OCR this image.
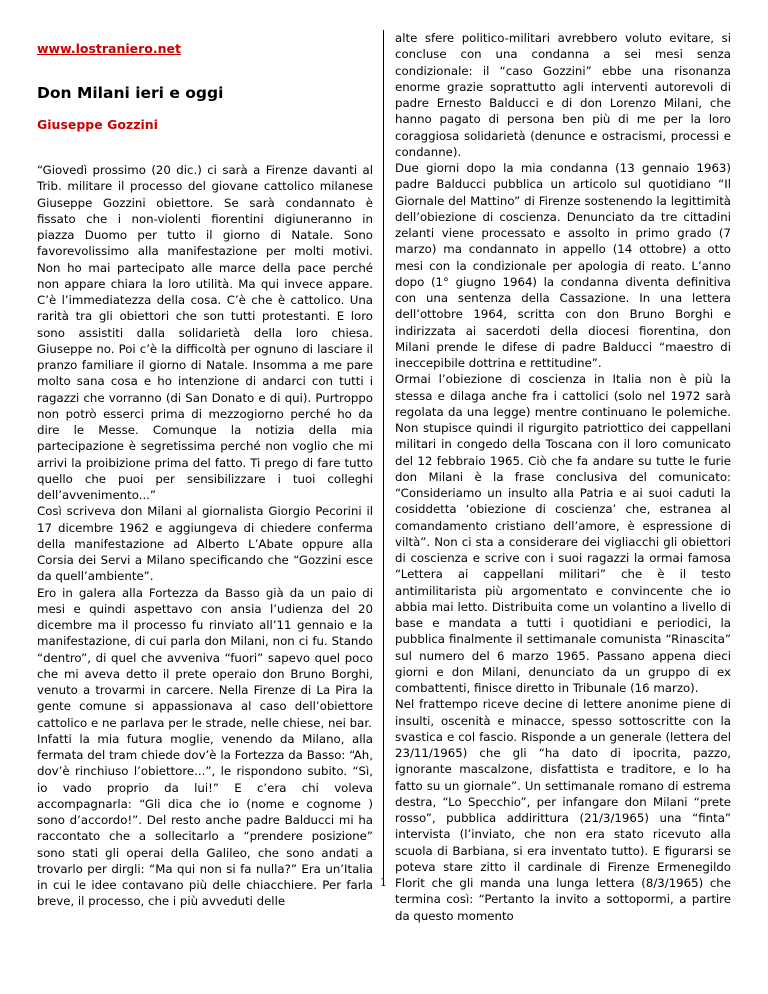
www.lostraniero.net
Don Milani ieri e oggi
Giuseppe Gozzini

“Giovedì prossimo (20 dic.) ci sarà a Firenze davanti al Trib. militare il processo del giovane cattolico milanese Giuseppe Gozzini obiettore. Se sarà condannato è fissato che i non-violenti fiorentini digiuneranno in piazza Duomo per tutto il giorno di Natale. Sono favorevolissimo alla manifestazione per molti motivi. Non ho mai partecipato alle marce della pace perché non appare chiara la loro utilità. Ma qui invece appare. C’è l’immediatezza della cosa. C’è che è cattolico. Una rarità tra gli obiettori che son tutti protestanti. E loro sono assistiti dalla solidarietà della loro chiesa. Giuseppe no. Poi c’è la difficoltà per ognuno di lasciare il pranzo familiare il giorno di Natale. Insomma a me pare molto sana cosa e ho intenzione di andarci con tutti i ragazzi che vorranno (di San Donato e di qui). Purtroppo non potrò esserci prima di mezzogiorno perché ho da dire le Messe. Comunque la notizia della mia partecipazione è segretissima perché non voglio che mi arrivi la proibizione prima del fatto. Ti prego di fare tutto quello che puoi per sensibilizzare i tuoi colleghi dell’avvenimento...”

Così scriveva don Milani al giornalista Giorgio Pecorini il 17 dicembre 1962 e aggiungeva di chiedere conferma della manifestazione ad Alberto L’Abate oppure alla Corsia dei Servi a Milano specificando che “Gozzini esce da quell’ambiente”.

Ero in galera alla Fortezza da Basso già da un paio di mesi e quindi aspettavo con ansia l’udienza del 20 dicembre ma il processo fu rinviato all’11 gennaio e la manifestazione, di cui parla don Milani, non ci fu. Stando “dentro”, di quel che avveniva “fuori” sapevo quel poco che mi aveva detto il prete operaio don Bruno Borghi, venuto a trovarmi in carcere. Nella Firenze di La Pira la gente comune si appassionava al caso dell’obiettore cattolico e ne parlava per le strade, nelle chiese, nei bar.

Infatti la mia futura moglie, venendo da Milano, alla fermata del tram chiede dov’è la Fortezza da Basso: “Ah, dov’è rinchiuso l’obiettore...”, le rispondono subito. “Sì, io vado proprio da lui!” E c’era chi voleva accompagnarla: “Gli dica che io (nome e cognome ) sono d’accordo!”. Del resto anche padre Balducci mi ha raccontato che a sollecitarlo a “prendere posizione” sono stati gli operai della Galileo, che sono andati a trovarlo per dirgli: “Ma qui non si fa nulla?” Era un’Italia in cui le idee contavano più delle chiacchiere. Per farla breve, il processo, che i più avveduti delle

alte sfere politico-militari avrebbero voluto evitare, si concluse con una condanna a sei mesi senza condizionale: il “caso Gozzini” ebbe una risonanza enorme grazie soprattutto agli interventi autorevoli di padre Ernesto Balducci e di don Lorenzo Milani, che hanno pagato di persona ben più di me per la loro coraggiosa solidarietà (denunce e ostracismi, processi e condanne).

Due giorni dopo la mia condanna (13 gennaio 1963) padre Balducci pubblica un articolo sul quotidiano “Il Giornale del Mattino” di Firenze sostenendo la legittimità dell’obiezione di coscienza. Denunciato da tre cittadini zelanti viene processato e assolto in primo grado (7 marzo) ma condannato in appello (14 ottobre) a otto mesi con la condizionale per apologia di reato. L’anno dopo (1° giugno 1964) la condanna diventa definitiva con una sentenza della Cassazione. In una lettera dell’ottobre 1964, scritta con don Bruno Borghi e indirizzata ai sacerdoti della diocesi fiorentina, don Milani prende le difese di padre Balducci “maestro di ineccepibile dottrina e rettitudine”.

Ormai l’obiezione di coscienza in Italia non è più la stessa e dilaga anche fra i cattolici (solo nel 1972 sarà regolata da una legge) mentre continuano le polemiche. Non stupisce quindi il rigurgito patriottico dei cappellani militari in congedo della Toscana con il loro comunicato del 12 febbraio 1965. Ciò che fa andare su tutte le furie don Milani è la frase conclusiva del comunicato: “Consideriamo un insulto alla Patria e ai suoi caduti la cosiddetta ‘obiezione di coscienza’ che, estranea al comandamento cristiano dell’amore, è espressione di viltà”. Non ci sta a considerare dei vigliacchi gli obiettori di coscienza e scrive con i suoi ragazzi la ormai famosa “Lettera ai cappellani militari” che è il testo antimilitarista più argomentato e convincente che io abbia mai letto. Distribuita come un volantino a livello di base e mandata a tutti i quotidiani e periodici, la pubblica finalmente il settimanale comunista “Rinascita” sul numero del 6 marzo 1965. Passano appena dieci giorni e don Milani, denunciato da un gruppo di ex combattenti, finisce diretto in Tribunale (16 marzo).

Nel frattempo riceve decine di lettere anonime piene di insulti, oscenità e minacce, spesso sottoscritte con la svastica e col fascio. Risponde a un generale (lettera del 23/11/1965) che gli “ha dato di ipocrita, pazzo, ignorante mascalzone, disfattista e traditore, e lo ha fatto su un giornale”. Un settimanale romano di estrema destra, “Lo Specchio”, per infangare don Milani “prete rosso”, pubblica addirittura (21/3/1965) una “finta” intervista (l’inviato, che non era stato ricevuto alla scuola di Barbiana, si era inventato tutto). E figurarsi se poteva stare zitto il cardinale di Firenze Ermenegildo Florit che gli manda una lunga lettera (8/3/1965) che termina così: “Pertanto la invito a sottopormi, a partire da questo momento

1
